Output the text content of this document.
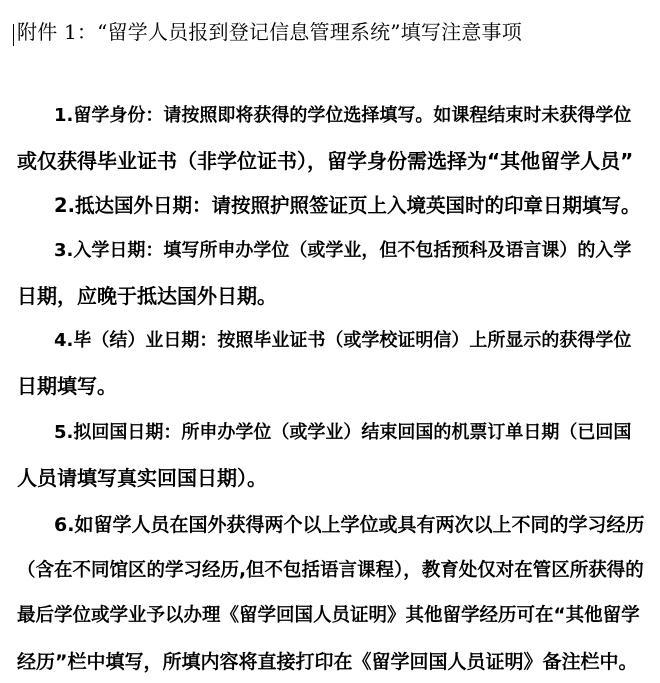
附件 1：“留学人员报到登记信息管理系统”填写注意事项
1.留学身份：请按照即将获得的学位选择填写。如课程结束时未获得学位
或仅获得毕业证书（非学位证书），留学身份需选择为“其他留学人员”
2.抵达国外日期：请按照护照签证页上入境英国时的印章日期填写。
3.入学日期：填写所申办学位（或学业，但不包括预科及语言课）的入学
日期，应晚于抵达国外日期。
4.毕（结）业日期：按照毕业证书（或学校证明信）上所显示的获得学位
日期填写。
5.拟回国日期：所申办学位（或学业）结束回国的机票订单日期（已回国
人员请填写真实回国日期）。
6.如留学人员在国外获得两个以上学位或具有两次以上不同的学习经历
（含在不同馆区的学习经历,但不包括语言课程），教育处仅对在管区所获得的
最后学位或学业予以办理《留学回国人员证明》其他留学经历可在“其他留学
经历”栏中填写，所填内容将直接打印在《留学回国人员证明》备注栏中。
